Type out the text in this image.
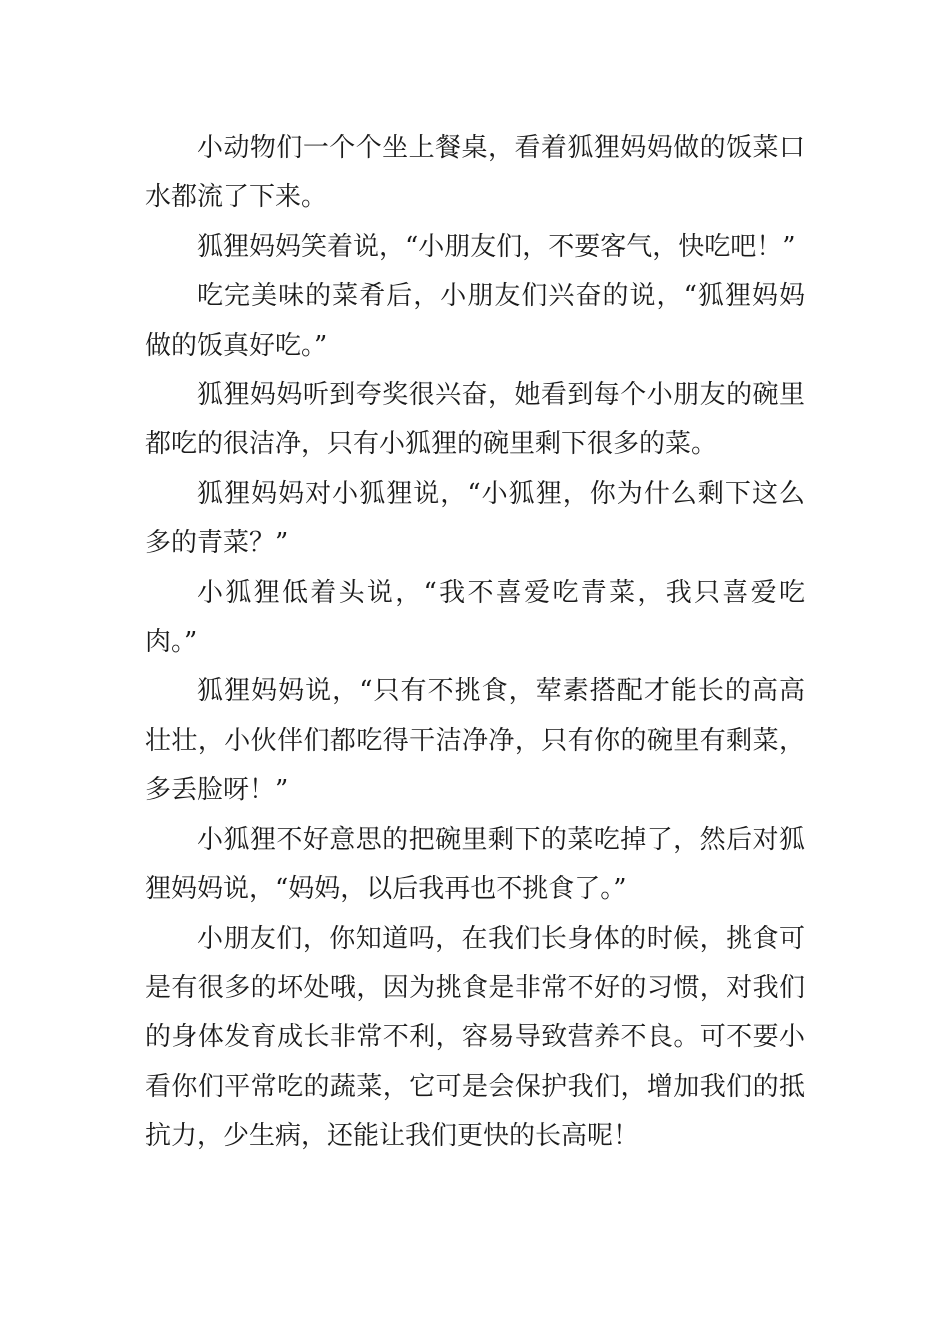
小动物们一个个坐上餐桌，看着狐狸妈妈做的饭菜口水都流了下来。

狐狸妈妈笑着说，“小朋友们，不要客气，快吃吧！”

吃完美味的菜肴后，小朋友们兴奋的说，“狐狸妈妈做的饭真好吃。”

狐狸妈妈听到夸奖很兴奋，她看到每个小朋友的碗里都吃的很洁净，只有小狐狸的碗里剩下很多的菜。

狐狸妈妈对小狐狸说，“小狐狸，你为什么剩下这么多的青菜？”

小狐狸低着头说，“我不喜爱吃青菜，我只喜爱吃肉。”

狐狸妈妈说，“只有不挑食，荤素搭配才能长的高高壮壮，小伙伴们都吃得干洁净净，只有你的碗里有剩菜，多丢脸呀！”

小狐狸不好意思的把碗里剩下的菜吃掉了，然后对狐狸妈妈说，“妈妈，以后我再也不挑食了。”

小朋友们，你知道吗，在我们长身体的时候，挑食可是有很多的坏处哦，因为挑食是非常不好的习惯，对我们的身体发育成长非常不利，容易导致营养不良。可不要小看你们平常吃的蔬菜，它可是会保护我们，增加我们的抵抗力，少生病，还能让我们更快的长高呢！
